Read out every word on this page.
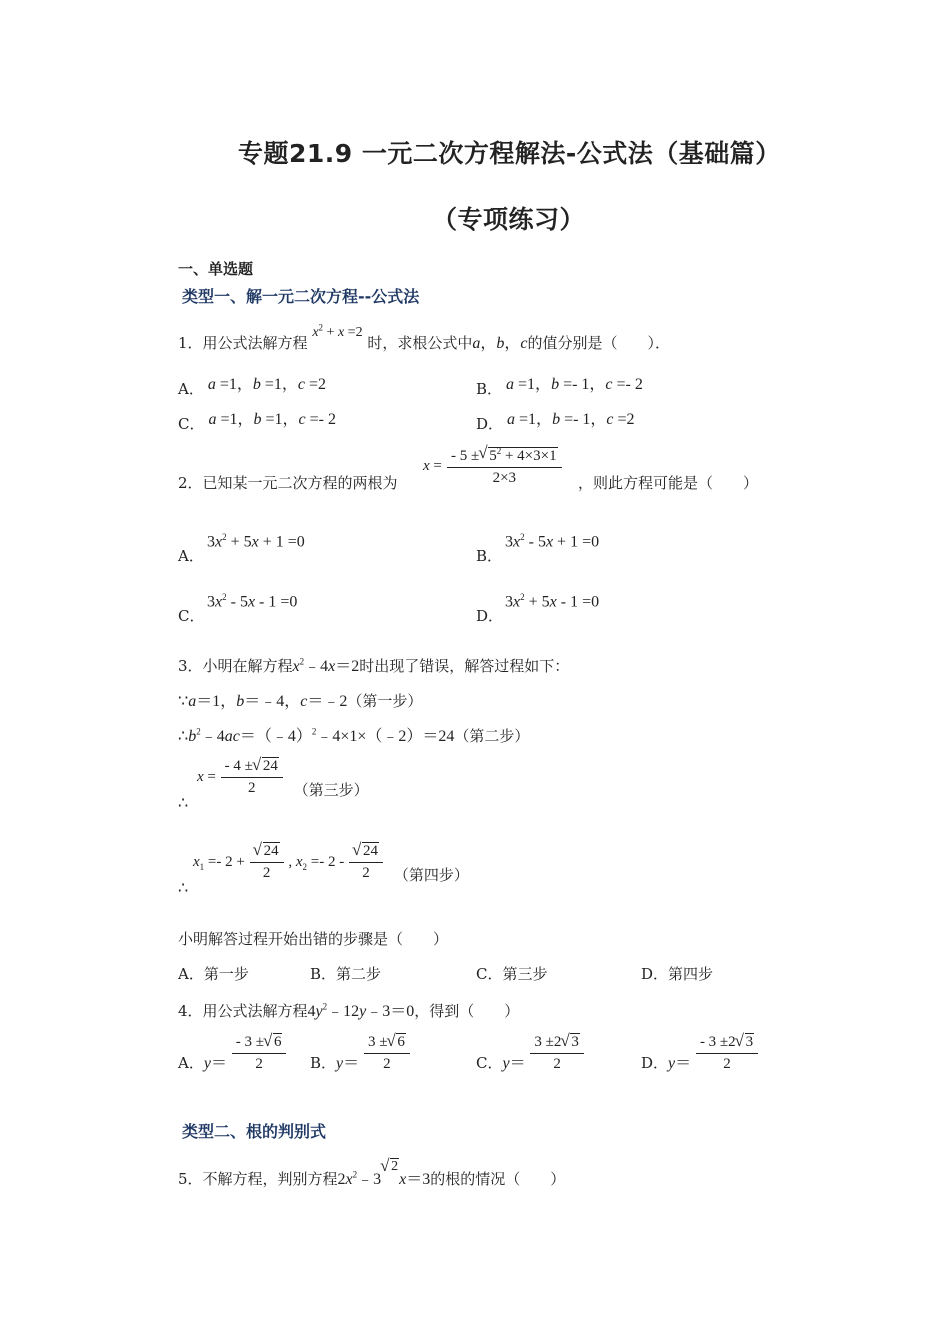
专题21.9 一元二次方程解法-公式法（基础篇）
（专项练习）
一、单选题
类型一、解一元二次方程--公式法
1．用公式法解方程 $x^2 + x =2$ 时，求根公式中a，b，c的值分别是（　　）．
A． a =1，b =1，c =2	B． a =1，b =- 1，c =- 2
C． a =1，b =1，c =- 2	D． a =1，b =- 1，c =2
2．已知某一元二次方程的两根为
$x = \frac{- 5 \pm √ 5^2 + 4\times 3\times 1}{2\times 3}$ ，则此方程可能是（　　）
A．
$3x^2 + 5x + 1 =0$
B．
$3x^2 - 5x + 1 =0$
C．
$3x^2 - 5x - 1 =0$
D．
$3x^2 + 5x - 1 =0$
3．小明在解方程$x^2﹣4x=2$时出现了错误，解答过程如下：
∵a＝1，b＝﹣4，c＝﹣2（第一步）
$\therefore b^2﹣4ac=(﹣4)^2﹣4\times 1\times(﹣2)=24$（第二步）
∴ $x = \frac{- 4 \pm √ 24}{2}$ （第三步）
∴ $x_1 =- 2$ + √ $\frac{24}{2}$ , $x_2 =- 2$ - √ $\frac{24}{2}$ （第四步）
小明解答过程开始出错的步骤是（　　）
A．第一步	B．第二步	C．第三步	D．第四步
4．用公式法解方程$4y^2﹣12y﹣3=0$，得到（　　）
A．$y= \frac{- 3 \pm √ 6}{2}$ B．$y= \frac{3 \pm √ 6}{2}$	C．$y= \frac{3 \pm 2 √ 3}{2}$	D．$y= \frac{- 3 \pm 2 √ 3}{2}$
类型二、根的判别式
5．不解方程，判别方程$2x^2﹣3√$ 2x＝3的根的情况（　　）
